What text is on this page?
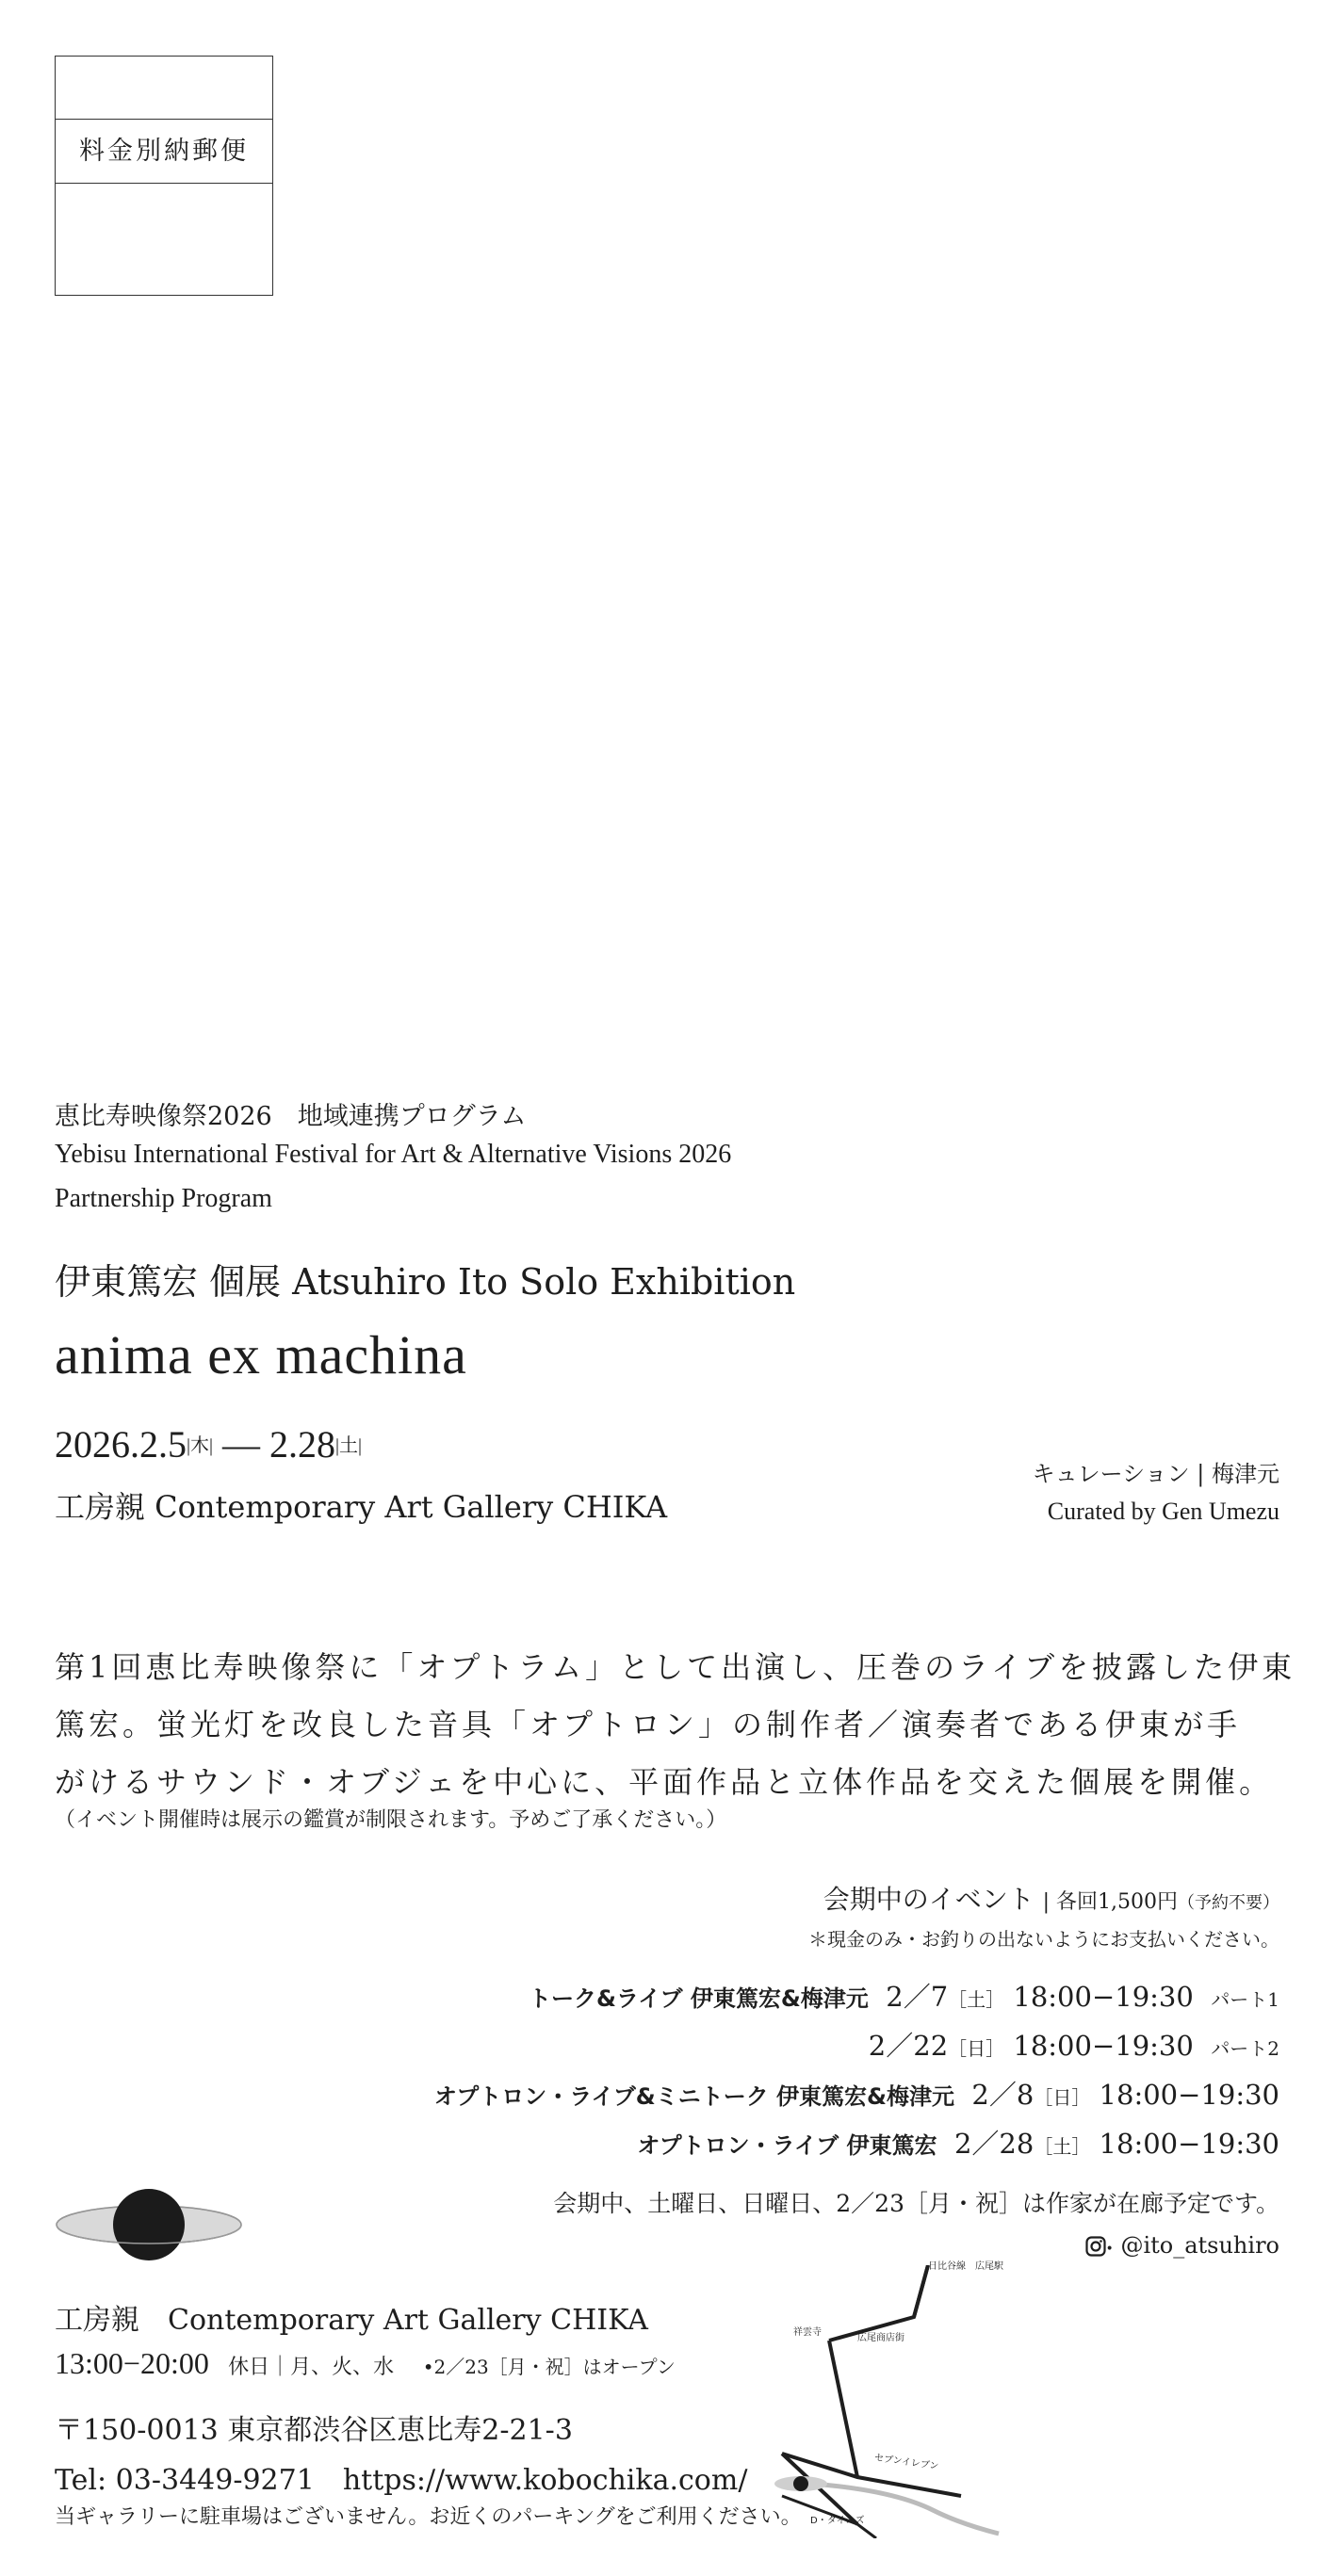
料金別納郵便
恵比寿映像祭2026　地域連携プログラム
Yebisu International Festival for Art & Alternative Visions 2026
Partnership Program
伊東篤宏 個展 Atsuhiro Ito Solo Exhibition
anima ex machina
2026.2.5|木| — 2.28|土|
工房親 Contemporary Art Gallery CHIKA
キュレーション | 梅津元
Curated by Gen Umezu
第1回恵比寿映像祭に「オプトラム」として出演し、圧巻のライブを披露した伊東
篤宏。蛍光灯を改良した音具「オプトロン」の制作者／演奏者である伊東が手
がけるサウンド・オブジェを中心に、平面作品と立体作品を交えた個展を開催。
（イベント開催時は展示の鑑賞が制限されます。予めご了承ください。）
会期中のイベント | 各回1,500円（予約不要）
＊現金のみ・お釣りの出ないようにお支払いください。
トーク&ライブ 伊東篤宏&梅津元 2／7［土］ 18:00−19:30 パート1
2／22［日］ 18:00−19:30 パート2
オプトロン・ライブ&ミニトーク 伊東篤宏&梅津元 2／8［日］ 18:00−19:30
オプトロン・ライブ 伊東篤宏 2／28［土］ 18:00−19:30
会期中、土曜日、日曜日、2／23［月・祝］は作家が在廊予定です。
• @ito_atsuhiro
工房親　Contemporary Art Gallery CHIKA
13:00−20:00 休日｜月、火、水 •2／23［月・祝］はオープン
〒150-0013 東京都渋谷区恵比寿2-21-3
Tel: 03-3449-9271　https://www.kobochika.com/
当ギャラリーに駐車場はございません。お近くのパーキングをご利用ください。
日比谷線　広尾駅
祥雲寺
広尾商店街
セブンイレブン
D・タイムズ
